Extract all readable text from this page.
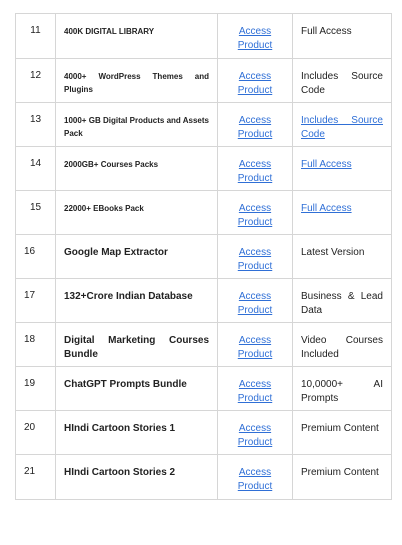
11	400K DIGITAL LIBRARY	Access Product	Full Access

12	4000+ WordPress Themes and Plugins	Access Product	Includes Source Code

13	1000+ GB Digital Products and Assets Pack	Access Product	Includes Source Code

14	2000GB+ Courses Packs	Access Product	Full Access

15	22000+ EBooks Pack	Access Product	Full Access

16	Google Map Extractor	Access Product	Latest Version

17	132+Crore Indian Database	Access Product	Business & Lead Data

18	Digital Marketing Courses Bundle	Access Product	Video Courses Included

19	ChatGPT Prompts Bundle	Access Product	10,0000+ AI Prompts

20	HIndi Cartoon Stories 1	Access Product	Premium Content

21	HIndi Cartoon Stories 2	Access Product	Premium Content
